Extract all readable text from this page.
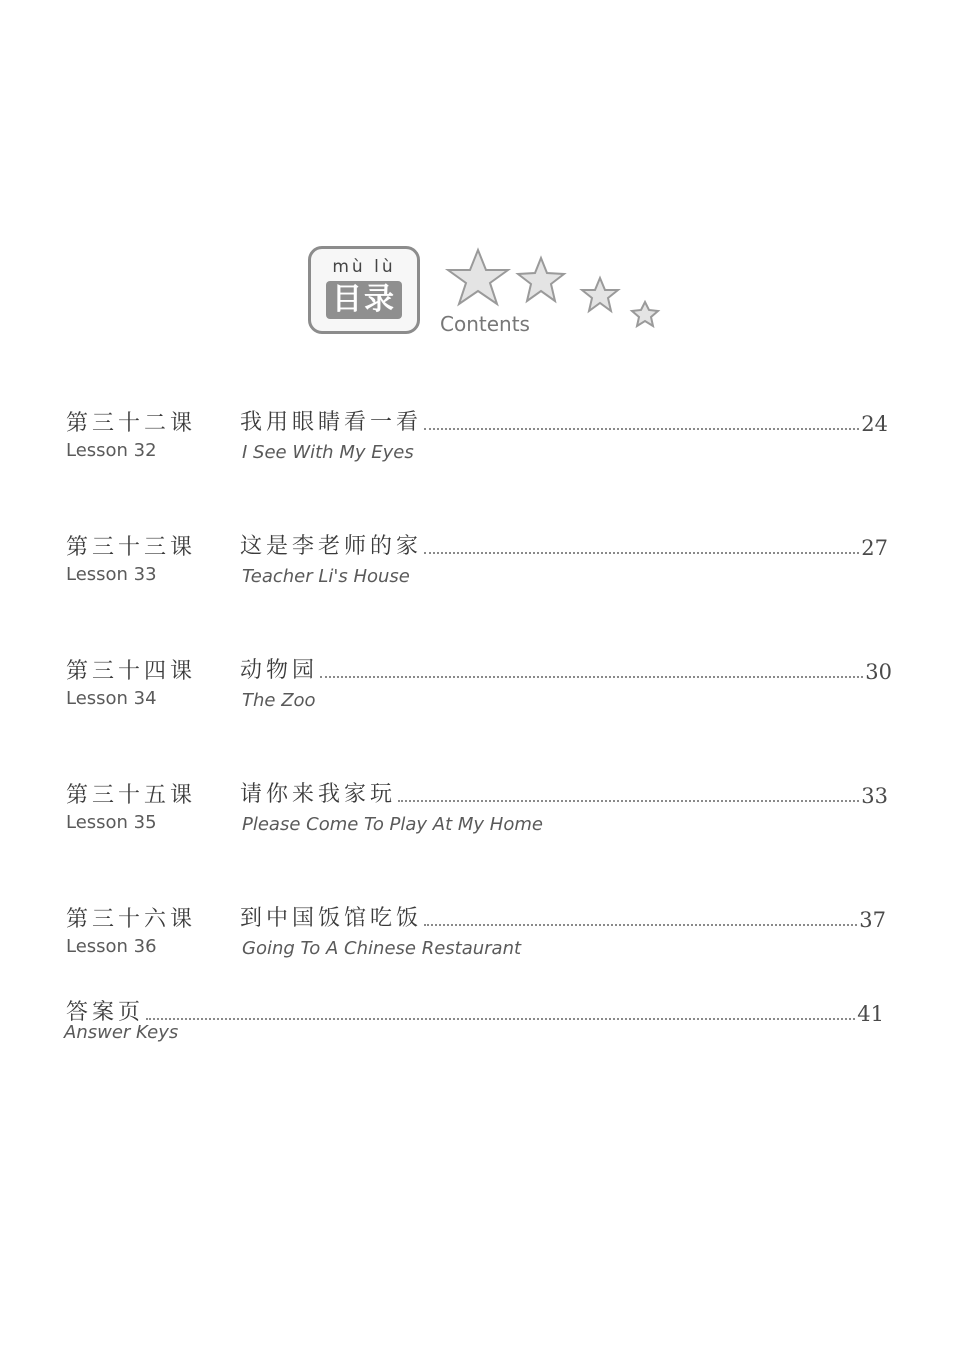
mù lù
目录
Contents
第三十二课
Lesson 32
我用眼睛看一看	24
I See With My Eyes
第三十三课
Lesson 33
这是李老师的家	27
Teacher Li's House
第三十四课
Lesson 34
动物园	30
The Zoo
第三十五课
Lesson 35
请你来我家玩	33
Please Come To Play At My Home
第三十六课
Lesson 36
到中国饭馆吃饭	37
Going To A Chinese Restaurant
答案页	41
Answer Keys
